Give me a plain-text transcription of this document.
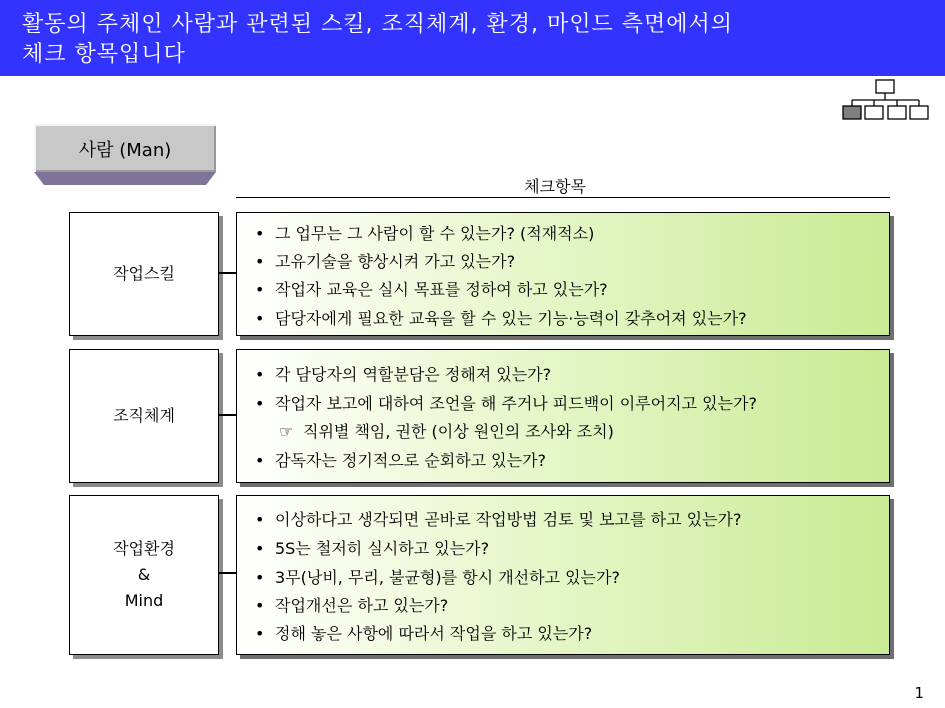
활동의 주체인 사람과 관련된 스킬, 조직체계, 환경, 마인드 측면에서의
체크 항목입니다
사람 (Man)
체크항목
작업스킬
• 그 업무는 그 사람이 할 수 있는가? (적재적소)
• 고유기술을 향상시켜 가고 있는가?
• 작업자 교육은 실시 목표를 정하여 하고 있는가?
• 담당자에게 필요한 교육을 할 수 있는 기능·능력이 갖추어져 있는가?
조직체계
• 각 담당자의 역할분담은 정해져 있는가?
• 작업자 보고에 대하여 조언을 해 주거나 피드백이 이루어지고 있는가?
☞ 직위별 책임, 권한 (이상 원인의 조사와 조치)
• 감독자는 정기적으로 순회하고 있는가?
작업환경
&
Mind
• 이상하다고 생각되면 곧바로 작업방법 검토 및 보고를 하고 있는가?
• 5S는 철저히 실시하고 있는가?
• 3무(낭비, 무리, 불균형)를 항시 개선하고 있는가?
• 작업개선은 하고 있는가?
• 정해 놓은 사항에 따라서 작업을 하고 있는가?
1
